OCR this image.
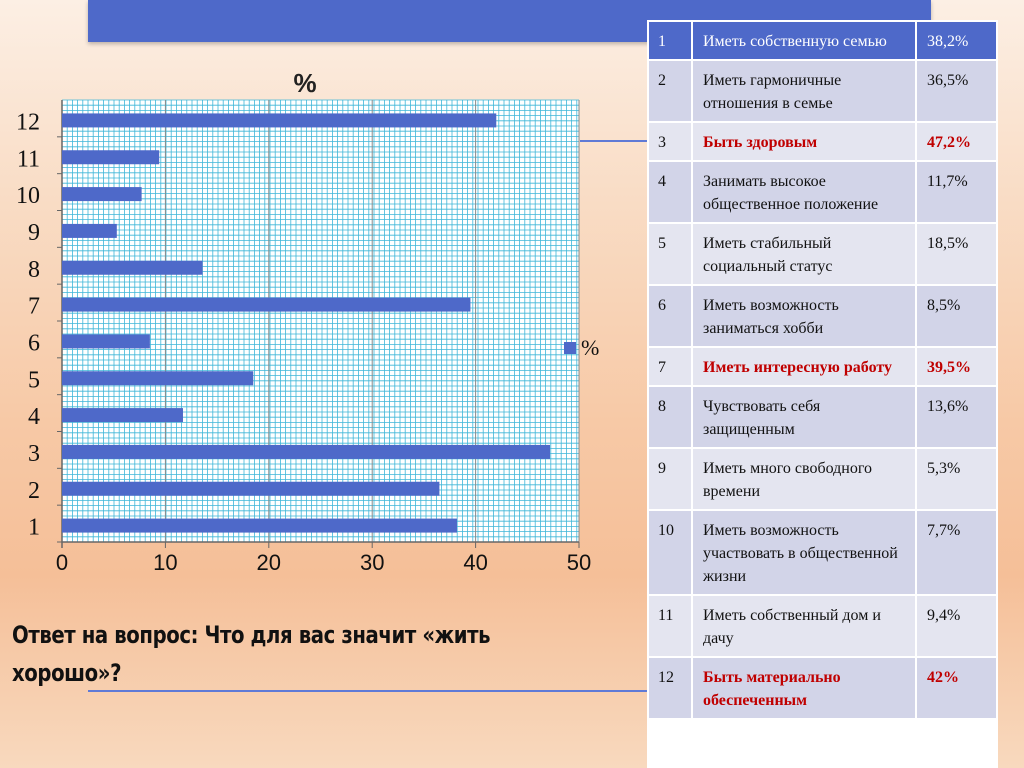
%
1
2
3
4
5
6
7
8
9
10
11
12
0	10	20	30	40	50
%
Ответ на вопрос: Что для вас значит «жить хорошо»?
1	Иметь собственную семью	38,2%
2	Иметь гармоничные отношения в семье	36,5%
3	Быть здоровым	47,2%
4	Занимать высокое общественное положение	11,7%
5	Иметь стабильный социальный статус	18,5%
6	Иметь возможность заниматься хобби	8,5%
7	Иметь интересную работу	39,5%
8	Чувствовать себя защищенным	13,6%
9	Иметь много свободного времени	5,3%
10	Иметь возможность участвовать в общественной жизни	7,7%
11	Иметь собственный дом и дачу	9,4%
12	Быть материально обеспеченным	42%
